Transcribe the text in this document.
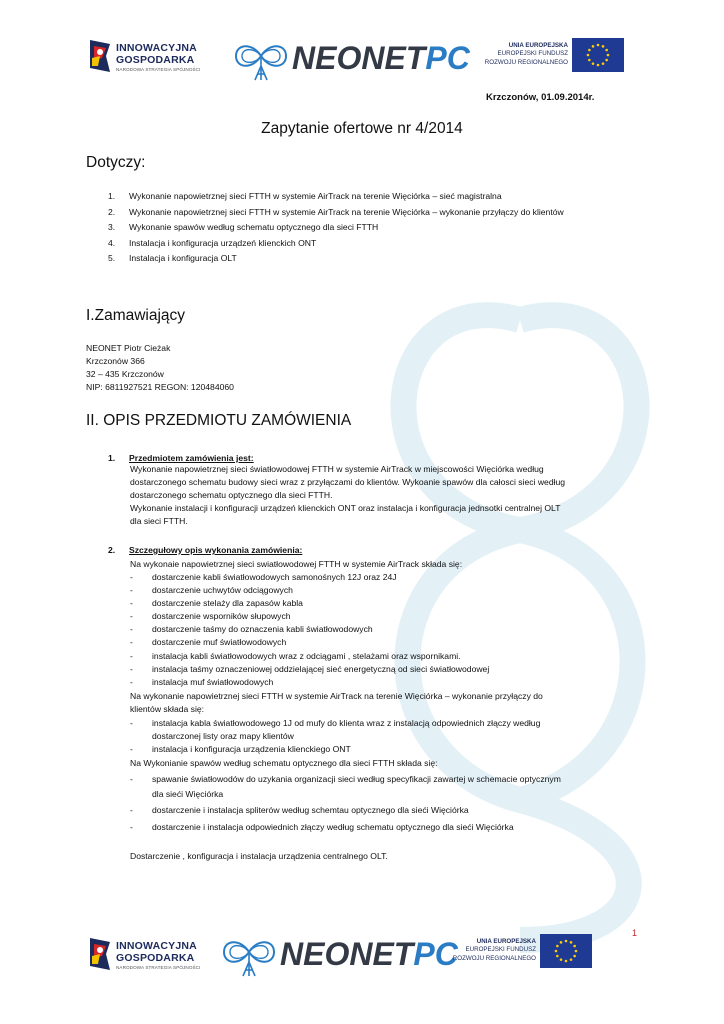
INNOWACYJNA
GOSPODARKA
NARODOWA STRATEGIA SPÓJNOŚCI	NEONETPC	UNIA EUROPEJSKA
EUROPEJSKI FUNDUSZ
ROZWOJU REGIONALNEGO
Krzczonów, 01.09.2014r.
Zapytanie ofertowe nr 4/2014
Dotyczy:
1. Wykonanie napowietrznej sieci FTTH w systemie AirTrack na terenie Więciórka – sieć magistralna
2. Wykonanie napowietrznej sieci FTTH w systemie AirTrack na terenie Więciórka – wykonanie przyłączy do klientów
3. Wykonanie spawów według schematu optycznego dla sieci FTTH
4. Instalacja i konfiguracja urządzeń klienckich ONT
5. Instalacja i konfiguracja OLT
I.Zamawiający
NEONET Piotr Cieżak
Krzczonów 366
32 – 435 Krzczonów
NIP: 6811927521 REGON: 120484060
II. OPIS PRZEDMIOTU ZAMÓWIENIA
1. Przedmiotem zamówienia jest:
Wykonanie napowietrznej sieci światłowodowej FTTH w systemie AirTrack w miejscowości Więciórka według
dostarczonego schematu budowy sieci wraz z przyłączami do klientów. Wykoanie spawów dla całosci sieci według
dostarczonego schematu optycznego dla sieci FTTH.
Wykonanie instalacji i konfiguracji urządzeń klienckich ONT oraz instalacja i konfiguracja jednsotki centralnej OLT
dla sieci FTTH.
2. Szczegułowy opis wykonania zamówienia:
Na wykonaie napowietrznej sieci swiatłowodowej FTTH w systemie AirTrack składa się:
- dostarczenie kabli światłowodowych samonośnych 12J oraz 24J
- dostarczenie uchwytów odciągowych
- dostarczenie stelaży dla zapasów kabla
- dostarczenie wsporników słupowych
- dostarczenie taśmy do oznaczenia kabli światłowodowych
- dostarczenie muf światłowodowych
- instalacja kabli światłowodowych wraz z odciągami , stelażami oraz wspornikami.
- instalacja taśmy oznaczeniowej oddzielającej sieć energetyczną od sieci światłowodowej
- instalacja muf światłowodowych
Na wykonanie napowietrznej sieci FTTH w systemie AirTrack na terenie Więciórka – wykonanie przyłączy do
klientów składa się:
- instalacja kabla światłowodowego 1J od mufy do klienta wraz z instalacją odpowiednich złączy według
dostarczonej listy oraz mapy klientów
- instalacja i konfiguracja urządzenia klienckiego ONT
Na Wykonianie spawów według schematu optycznego dla sieci FTTH składa się:
- spawanie światłowodów do uzykania organizacji sieci według specyfikacji zawartej w schemacie optycznym
dla sieći Więciórka
- dostarczenie i instalacja spliterów według schemtau optycznego dla sieći Więciórka
- dostarczenie i instalacja odpowiednich złączy według schematu optycznego dla sieći Więciórka
Dostarczenie , konfiguracja i instalacja urządzenia centralnego OLT.
1
INNOWACYJNA
GOSPODARKA
NARODOWA STRATEGIA SPÓJNOŚCI NEONETPC	UNIA EUROPEJSKA
EUROPEJSKI FUNDUSZ
ROZWOJU REGIONALNEGO
